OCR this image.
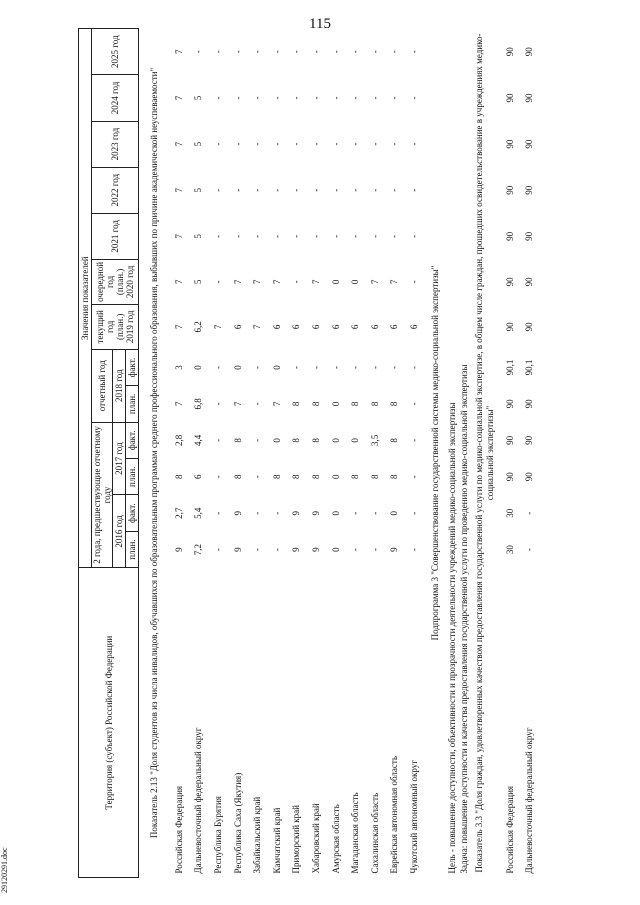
115
29120291.doc
Территория (субъект) Российской Федерации	Значения показателей												
	2 года, предшествующие отчетному году				отчетный год		текущий год (план.) 2019 год	очередной год (план.) 2020 год	2021 год	2022 год	2023 год	2024 год	2025 год
	2016 год		2017 год		2018 год								
	план.	факт.	план.	факт.	план.	факт.							
Показатель 2.13 "Доля студентов из числа инвалидов, обучавшихся по образовательным программам среднего профессионального образования, выбывших по причине академической неуспеваемости"													
Российская Федерация	9	2,7	8	2,8	7	3	7	7	7	7	7	7	7
Дальневосточный федеральный округ	7,2	5,4	6	4,4	6,8	0	6,2	5	5	5	5	5	-
Республика Бурятия	-	-	-	-	-	-	7	-	-	-	-	-	-
Республика Саха (Якутия)	9	9	8	8	7	0	6	7	-	-	-	-	-
Забайкальский край	-	-	-	-	-	-	7	7	-	-	-	-	-
Камчатский край	-	-	8	0	7	0	6	7	-	-	-	-	-
Приморский край	9	9	8	8	8	-	6	-	-	-	-	-	-
Хабаровский край	9	9	8	8	8	-	6	7	-	-	-	-	-
Амурская область	0	0	0	0	0	-	6	0	-	-	-	-	-
Магаданская область	-	-	8	0	8	-	6	0	-	-	-	-	-
Сахалинская область	-	-	8	3,5	8	-	6	7	-	-	-	-	-
Еврейская автономная область	9	0	8	8	8	-	6	7	-	-	-	-	-
Чукотский автономный округ	-	-	-	-	-	-	6	-	-	-	-	-	-
Подпрограмма 3 "Совершенствование государственной системы медико-социальной экспертизы"													
Цель - повышение доступности, объективности и прозрачности деятельности учреждений медико-социальной экспертизы													
Задача: повышение доступности и качества предоставления государственной услуги по проведению медико-социальной экспертизы													
Показатель 3.3 "Доля граждан, удовлетворенных качеством предоставления государственной услуги по медико-социальной экспертизе, в общем числе граждан, прошедших освидетельствование в учреждениях медико-социальной экспертизы"													
Российская Федерация	30	30	90	90	90	90,1	90	90	90	90	90	90	90
Дальневосточный федеральный округ	-	-	90	90	90	90,1	90	90	90	90	90	90	90
